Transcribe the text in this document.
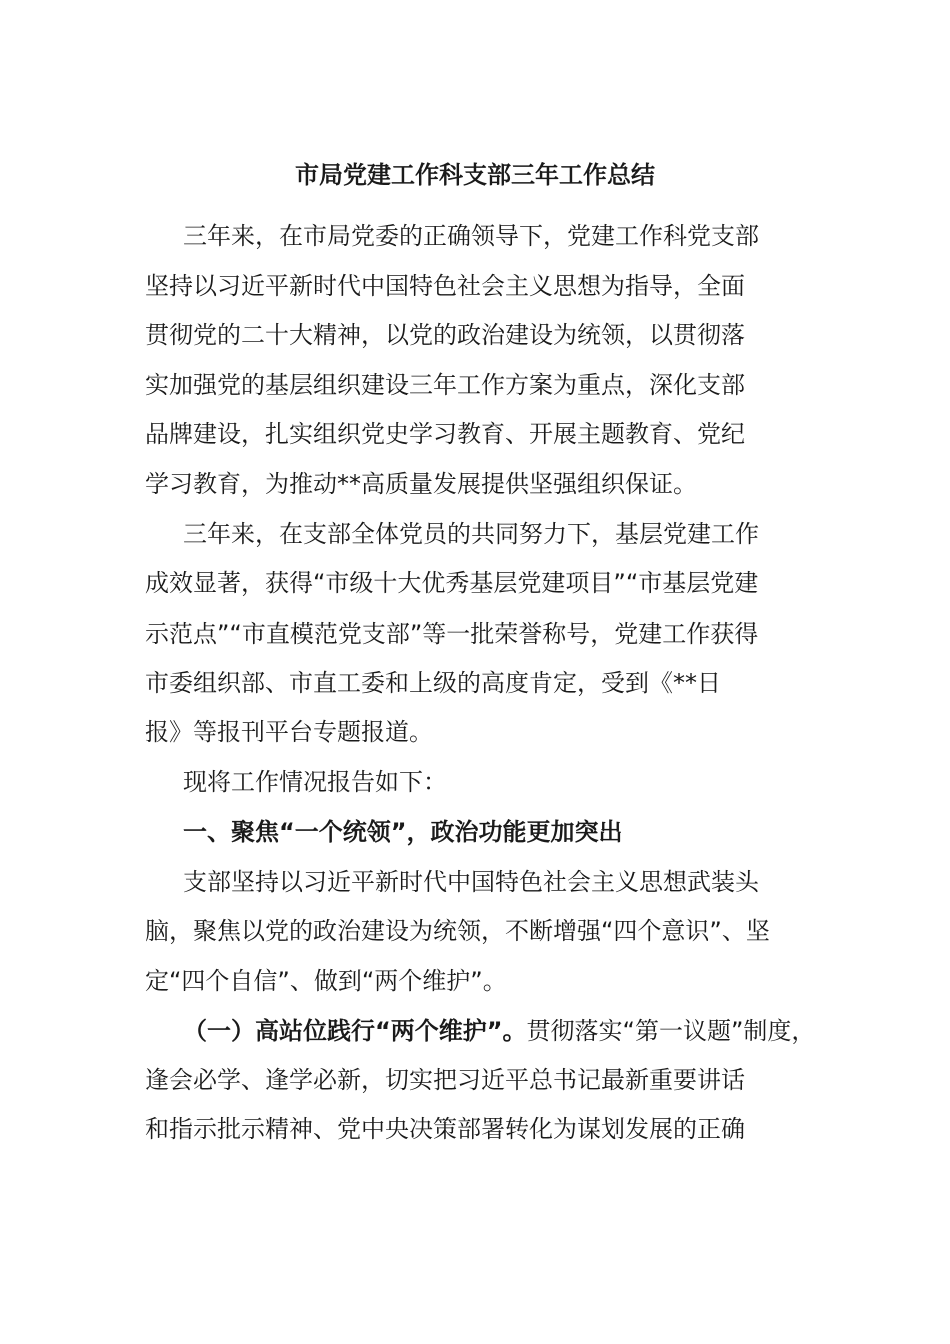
市局党建工作科支部三年工作总结

三年来，在市局党委的正确领导下，党建工作科党支部

坚持以习近平新时代中国特色社会主义思想为指导，全面

贯彻党的二十大精神，以党的政治建设为统领，以贯彻落

实加强党的基层组织建设三年工作方案为重点，深化支部

品牌建设，扎实组织党史学习教育、开展主题教育、党纪

学习教育，为推动**高质量发展提供坚强组织保证。

三年来，在支部全体党员的共同努力下，基层党建工作

成效显著，获得“市级十大优秀基层党建项目”“市基层党建

示范点”“市直模范党支部”等一批荣誉称号，党建工作获得

市委组织部、市直工委和上级的高度肯定，受到《**日

报》等报刊平台专题报道。

现将工作情况报告如下：

一、聚焦“一个统领”，政治功能更加突出

支部坚持以习近平新时代中国特色社会主义思想武装头

脑，聚焦以党的政治建设为统领，不断增强“四个意识”、坚

定“四个自信”、做到“两个维护”。

（一）高站位践行“两个维护”。贯彻落实“第一议题”制度，

逢会必学、逢学必新，切实把习近平总书记最新重要讲话

和指示批示精神、党中央决策部署转化为谋划发展的正确
